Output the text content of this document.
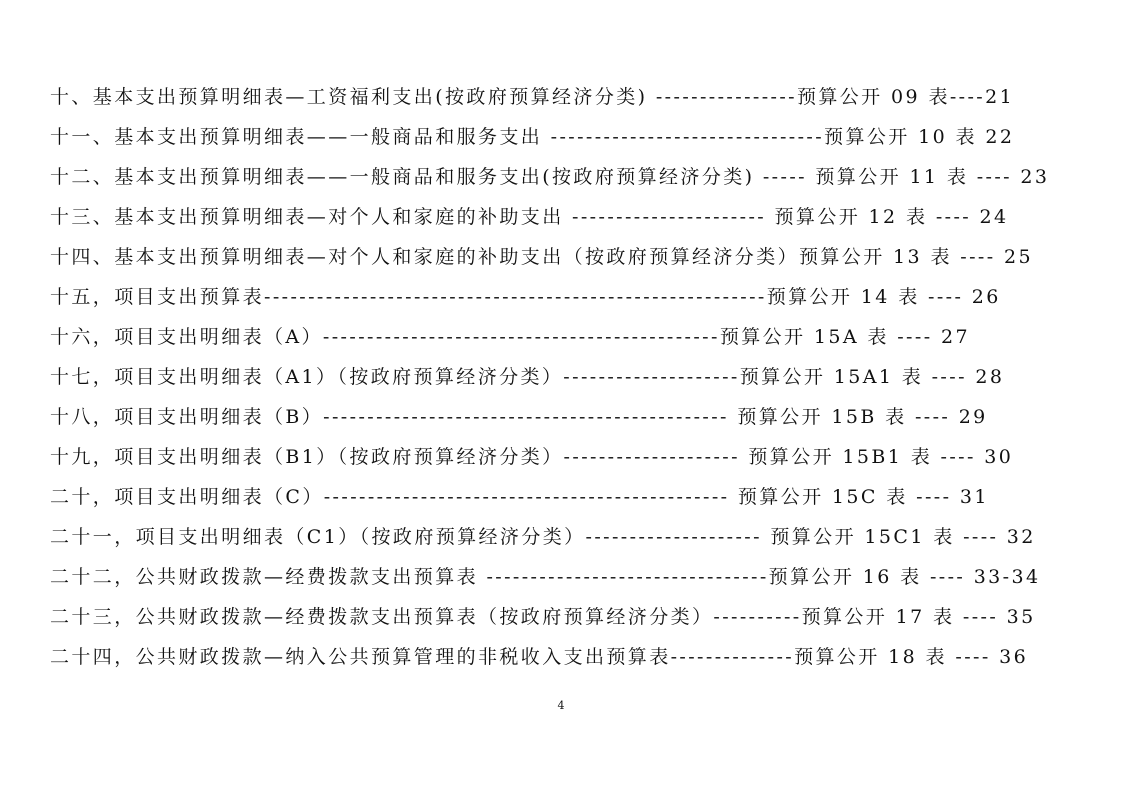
十、基本支出预算明细表—工资福利支出(按政府预算经济分类) ----------------预算公开 09 表----21
十一、基本支出预算明细表——一般商品和服务支出 -------------------------------预算公开 10 表 22
十二、基本支出预算明细表——一般商品和服务支出(按政府预算经济分类) ----- 预算公开 11 表 ---- 23
十三、基本支出预算明细表—对个人和家庭的补助支出 ---------------------- 预算公开 12 表 ---- 24
十四、基本支出预算明细表—对个人和家庭的补助支出（按政府预算经济分类）预算公开 13 表 ---- 25
十五，项目支出预算表---------------------------------------------------------预算公开 14 表 ---- 26
十六，项目支出明细表（A）---------------------------------------------预算公开 15A 表 ---- 27
十七，项目支出明细表（A1）（按政府预算经济分类）--------------------预算公开 15A1 表 ---- 28
十八，项目支出明细表（B）---------------------------------------------- 预算公开 15B 表 ---- 29
十九，项目支出明细表（B1）（按政府预算经济分类）-------------------- 预算公开 15B1 表 ---- 30
二十，项目支出明细表（C）---------------------------------------------- 预算公开 15C 表 ---- 31
二十一，项目支出明细表（C1）（按政府预算经济分类）-------------------- 预算公开 15C1 表 ---- 32
二十二，公共财政拨款—经费拨款支出预算表 --------------------------------预算公开 16 表 ---- 33-34
二十三，公共财政拨款—经费拨款支出预算表（按政府预算经济分类）----------预算公开 17 表 ---- 35
二十四，公共财政拨款—纳入公共预算管理的非税收入支出预算表--------------预算公开 18 表 ---- 36
4
